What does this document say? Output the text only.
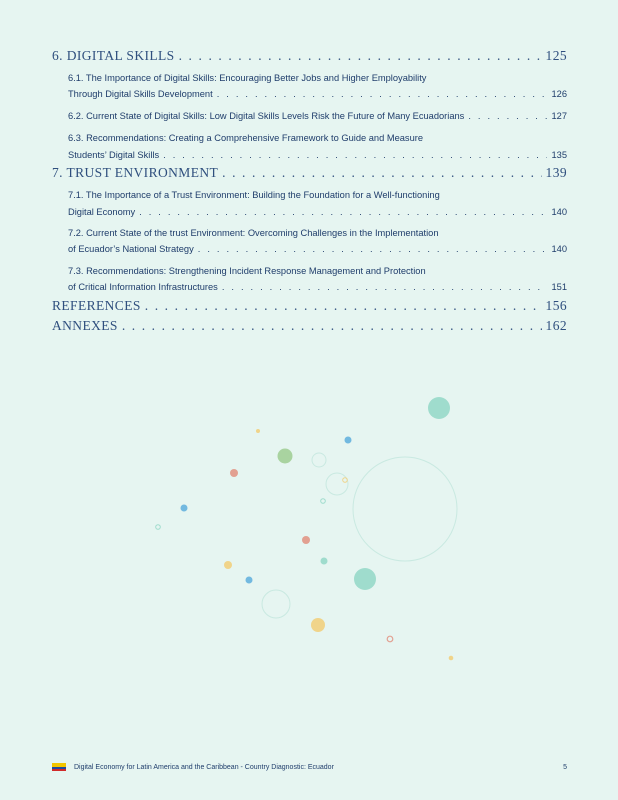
6. DIGITAL SKILLS . . .	125
6.1. The Importance of Digital Skills: Encouraging Better Jobs and Higher Employability
Through Digital Skills Development . . .	126
6.2. Current State of Digital Skills: Low Digital Skills Levels Risk the Future of Many Ecuadorians . . .	127
6.3. Recommendations: Creating a Comprehensive Framework to Guide and Measure
Students’ Digital Skills . . .	135
7. TRUST ENVIRONMENT . . .	139
7.1. The Importance of a Trust Environment: Building the Foundation for a Well-functioning
Digital Economy . . .	140
7.2. Current State of the trust Environment: Overcoming Challenges in the Implementation
of Ecuador’s National Strategy . . .	140
7.3. Recommendations: Strengthening Incident Response Management and Protection
of Critical Information Infrastructures . . .	151
REFERENCES . . .	156
ANNEXES . . .	162
Digital Economy for Latin America and the Caribbean - Country Diagnostic: Ecuador	5
